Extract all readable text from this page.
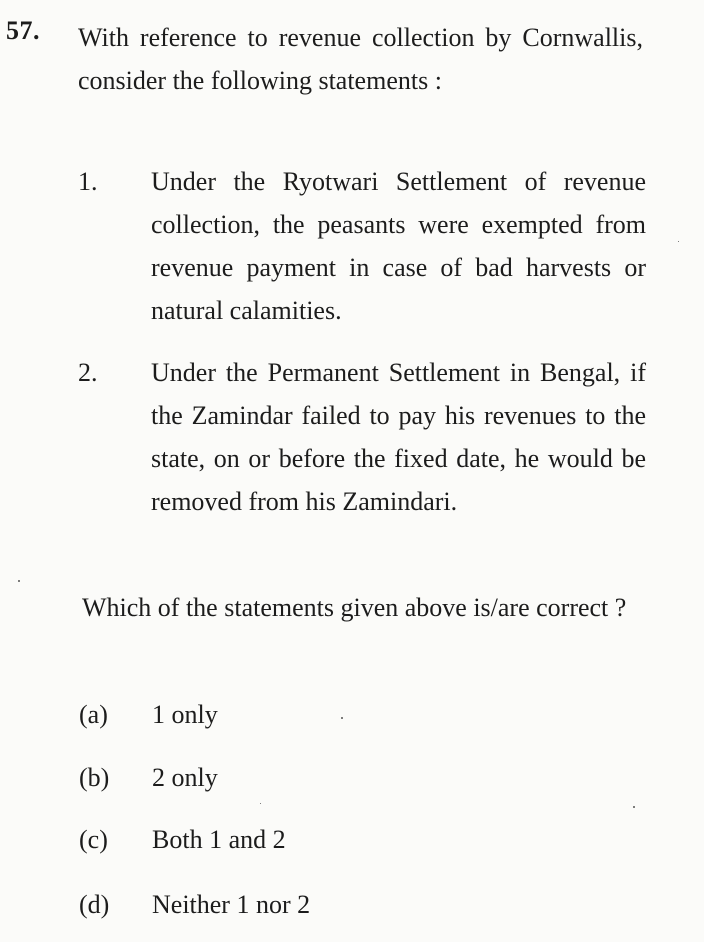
57. With reference to revenue collection by Cornwallis, consider the following statements :
1. Under the Ryotwari Settlement of revenue collection, the peasants were exempted from revenue payment in case of bad harvests or natural calamities.
2. Under the Permanent Settlement in Bengal, if the Zamindar failed to pay his revenues to the state, on or before the fixed date, he would be removed from his Zamindari.
Which of the statements given above is/are correct ?
(a) 1 only
(b) 2 only
(c) Both 1 and 2
(d) Neither 1 nor 2
